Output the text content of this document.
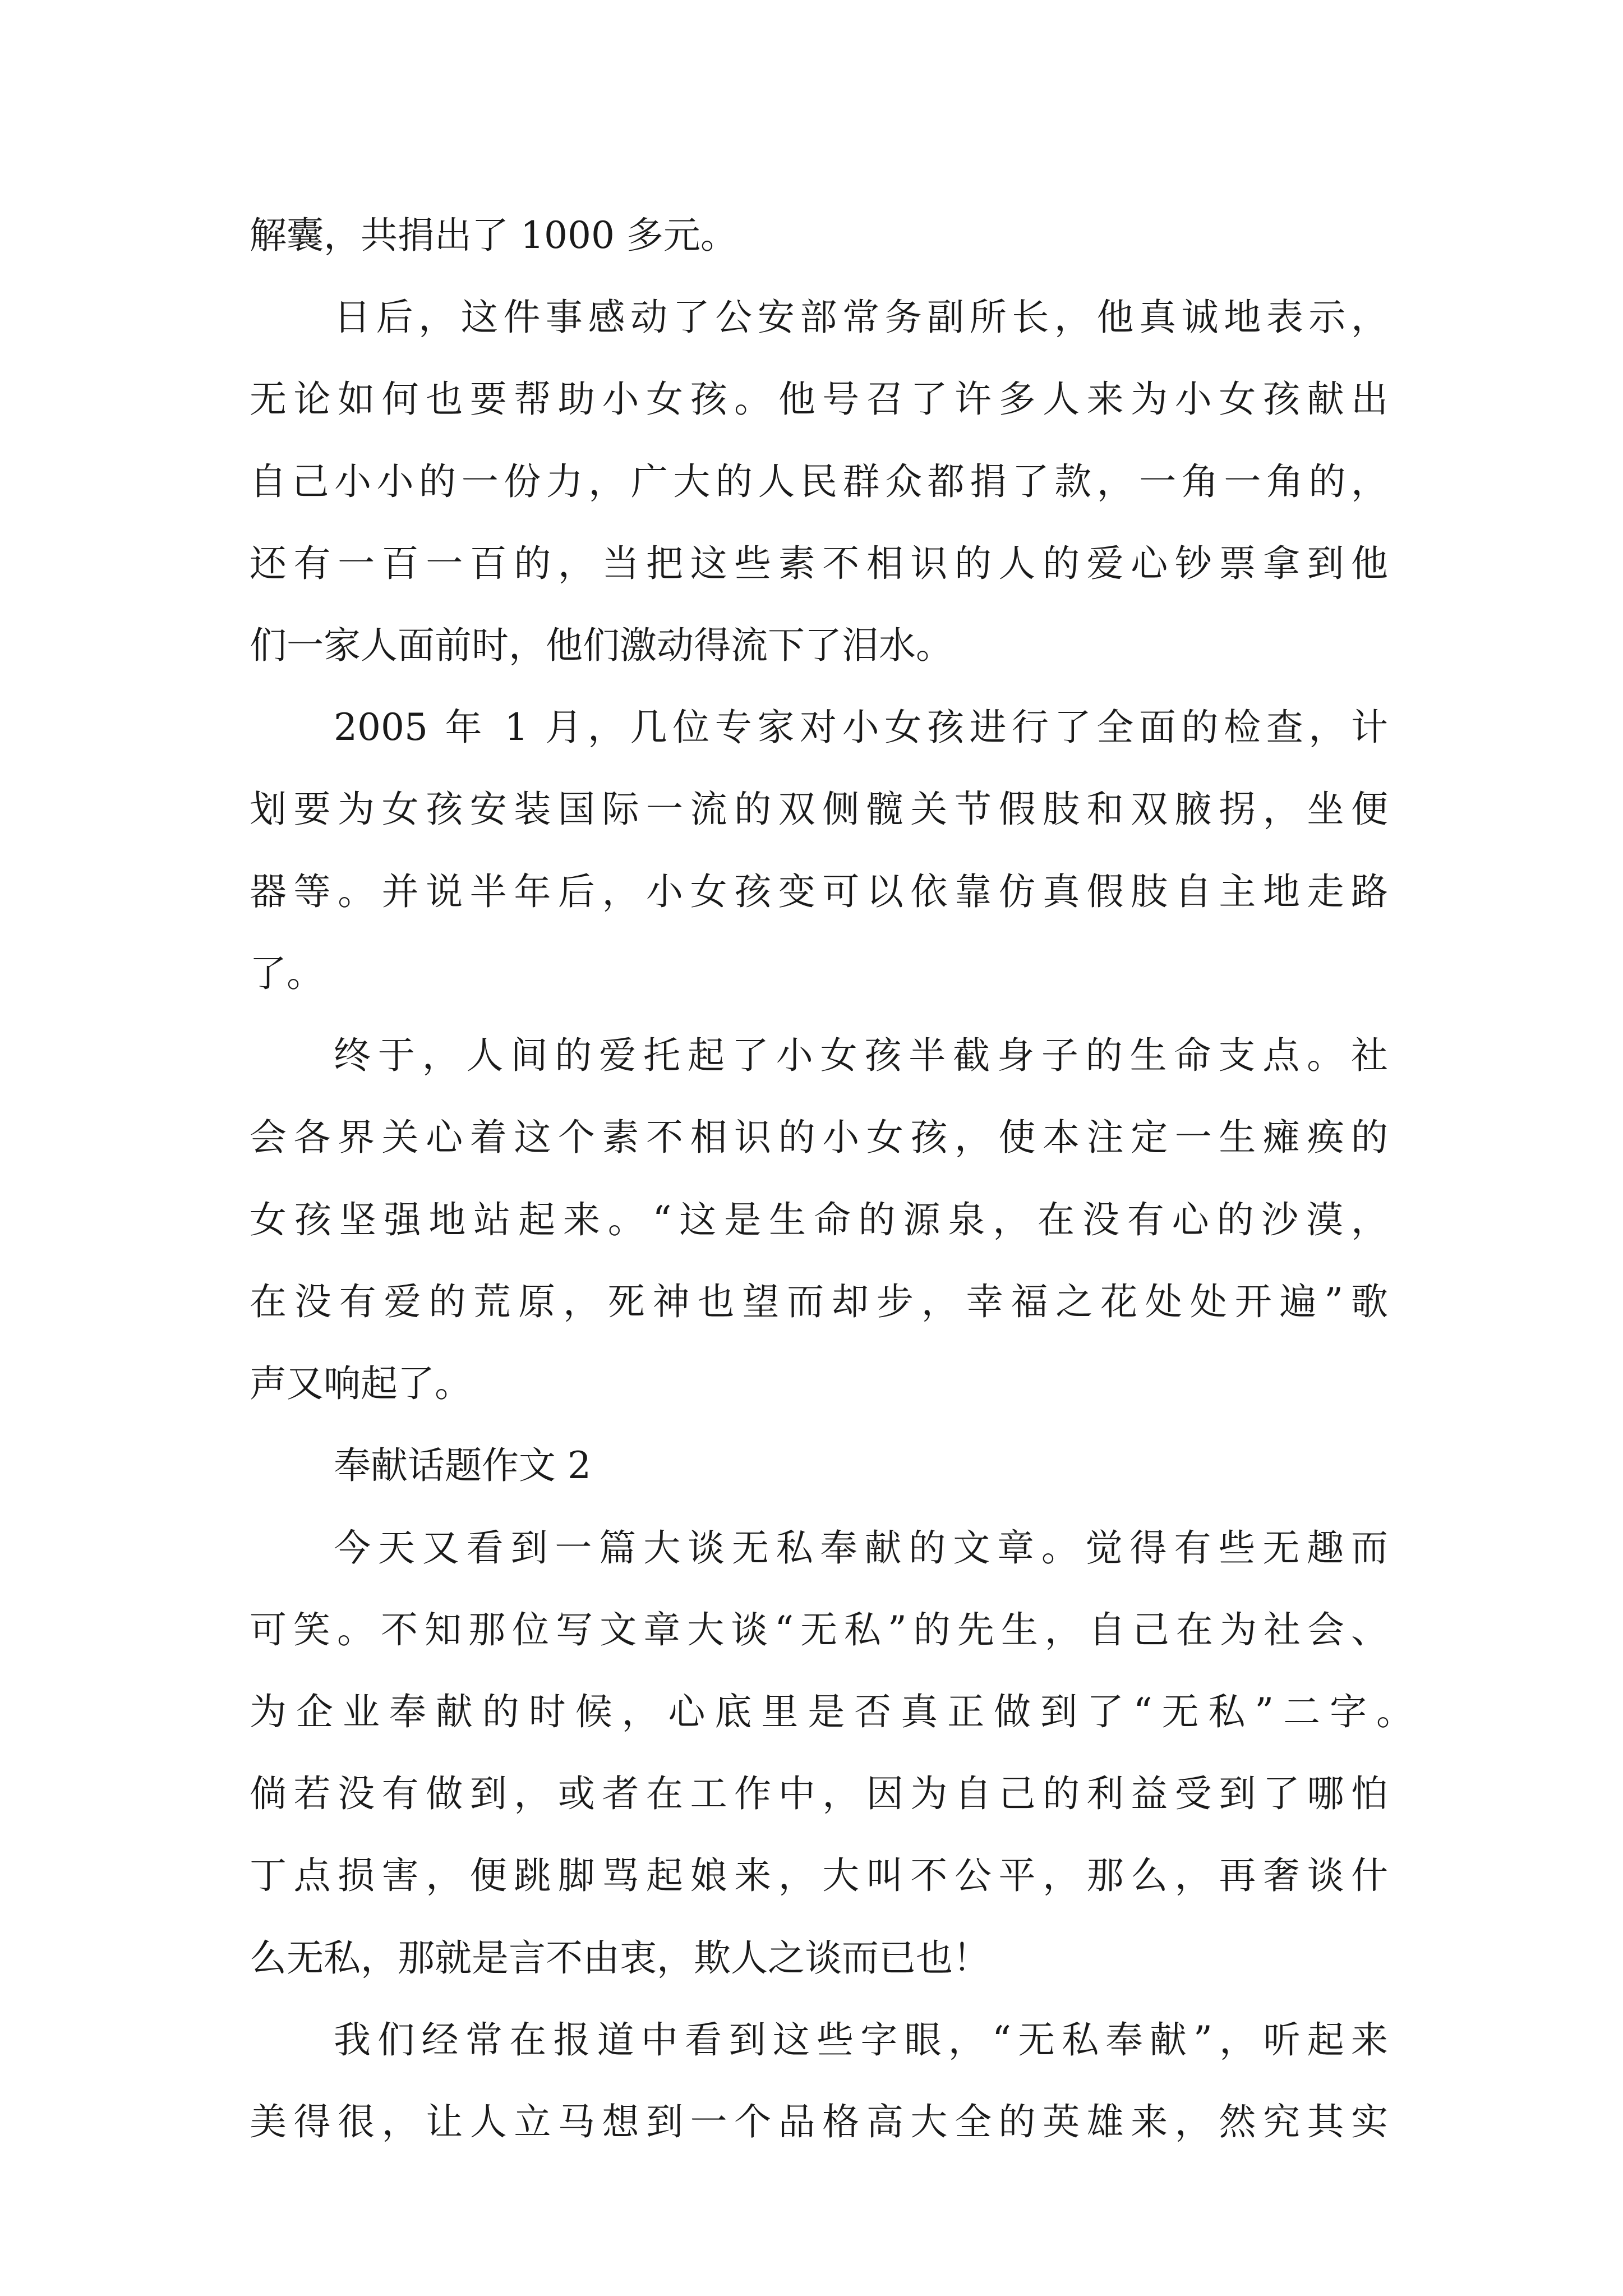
解囊，共捐出了 1000 多元。
日后，这件事感动了公安部常务副所长，他真诚地表示，
无论如何也要帮助小女孩。他号召了许多人来为小女孩献出
自己小小的一份力，广大的人民群众都捐了款，一角一角的，
还有一百一百的，当把这些素不相识的人的爱心钞票拿到他
们一家人面前时，他们激动得流下了泪水。
2005 年 1 月，几位专家对小女孩进行了全面的检查，计
划要为女孩安装国际一流的双侧髋关节假肢和双腋拐，坐便
器等。并说半年后，小女孩变可以依靠仿真假肢自主地走路
了。
终于，人间的爱托起了小女孩半截身子的生命支点。社
会各界关心着这个素不相识的小女孩，使本注定一生瘫痪的
女孩坚强地站起来。“这是生命的源泉，在没有心的沙漠，
在没有爱的荒原，死神也望而却步，幸福之花处处开遍”歌
声又响起了。
奉献话题作文 2
今天又看到一篇大谈无私奉献的文章。觉得有些无趣而
可笑。不知那位写文章大谈“无私”的先生，自己在为社会、
为企业奉献的时候，心底里是否真正做到了“无私”二字。
倘若没有做到，或者在工作中，因为自己的利益受到了哪怕
丁点损害，便跳脚骂起娘来，大叫不公平，那么，再奢谈什
么无私，那就是言不由衷，欺人之谈而已也！
我们经常在报道中看到这些字眼，“无私奉献”，听起来
美得很，让人立马想到一个品格高大全的英雄来，然究其实
